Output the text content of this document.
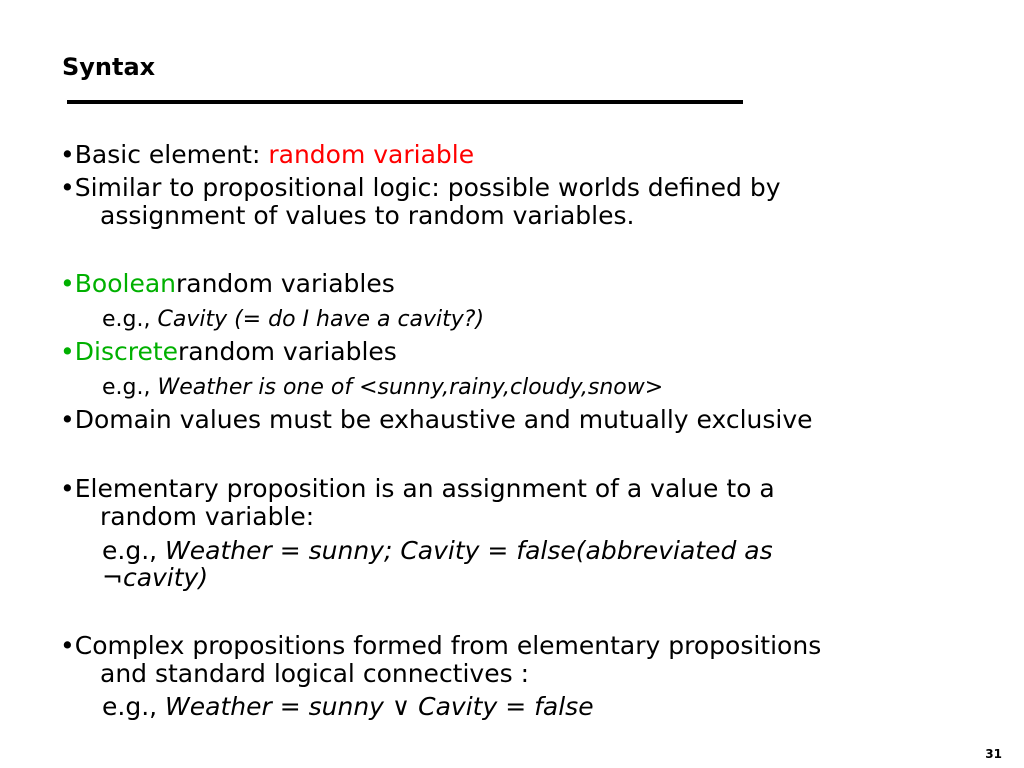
Syntax
•Basic element: random variable
•Similar to propositional logic: possible worlds defined by
assignment of values to random variables.
•Booleanrandom variables
e.g., Cavity (= do I have a cavity?)
•Discreterandom variables
e.g., Weather is one of <sunny,rainy,cloudy,snow>
•Domain values must be exhaustive and mutually exclusive
•Elementary proposition is an assignment of a value to a
random variable:
e.g., Weather = sunny; Cavity = false(abbreviated as
¬cavity)
•Complex propositions formed from elementary propositions
and standard logical connectives :
e.g., Weather = sunny ∨ Cavity = false
31
